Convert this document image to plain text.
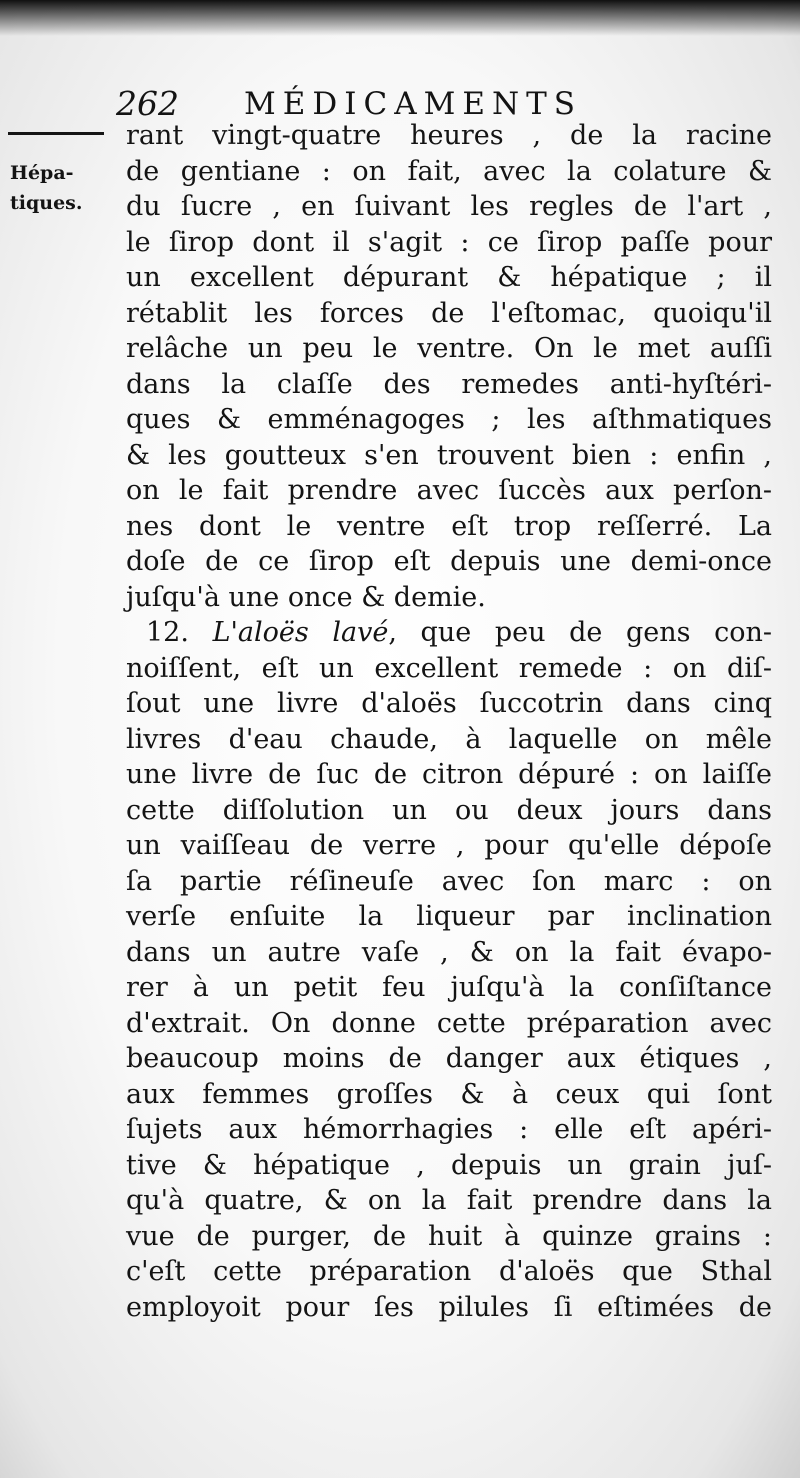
262 MÉDICAMENTS
Hépa-
tiques.
rant vingt-quatre heures , de la racine
de gentiane : on fait, avec la colature &
du ſucre , en ſuivant les regles de l'art ,
le ſirop dont il s'agit : ce ſirop paſſe pour
un excellent dépurant & hépatique ; il
rétablit les forces de l'eſtomac, quoiqu'il
relâche un peu le ventre. On le met auſſi
dans la claſſe des remedes anti-hyſtéri-
ques & emménagoges ; les aſthmatiques
& les goutteux s'en trouvent bien : enfin ,
on le fait prendre avec ſuccès aux perſon-
nes dont le ventre eſt trop reſſerré. La
doſe de ce ſirop eſt depuis une demi-once
juſqu'à une once & demie.
12. L'aloës lavé, que peu de gens con-
noiſſent, eſt un excellent remede : on diſ-
ſout une livre d'aloës ſuccotrin dans cinq
livres d'eau chaude, à laquelle on mêle
une livre de ſuc de citron dépuré : on laiſſe
cette diſſolution un ou deux jours dans
un vaiſſeau de verre , pour qu'elle dépoſe
ſa partie réſineuſe avec ſon marc : on
verſe enſuite la liqueur par inclination
dans un autre vaſe , & on la fait évapo-
rer à un petit feu juſqu'à la conſiſtance
d'extrait. On donne cette préparation avec
beaucoup moins de danger aux étiques ,
aux femmes groſſes & à ceux qui ſont
ſujets aux hémorrhagies : elle eſt apéri-
tive & hépatique , depuis un grain juſ-
qu'à quatre, & on la fait prendre dans la
vue de purger, de huit à quinze grains :
c'eſt cette préparation d'aloës que Sthal
employoit pour ſes pilules ſi eſtimées de
